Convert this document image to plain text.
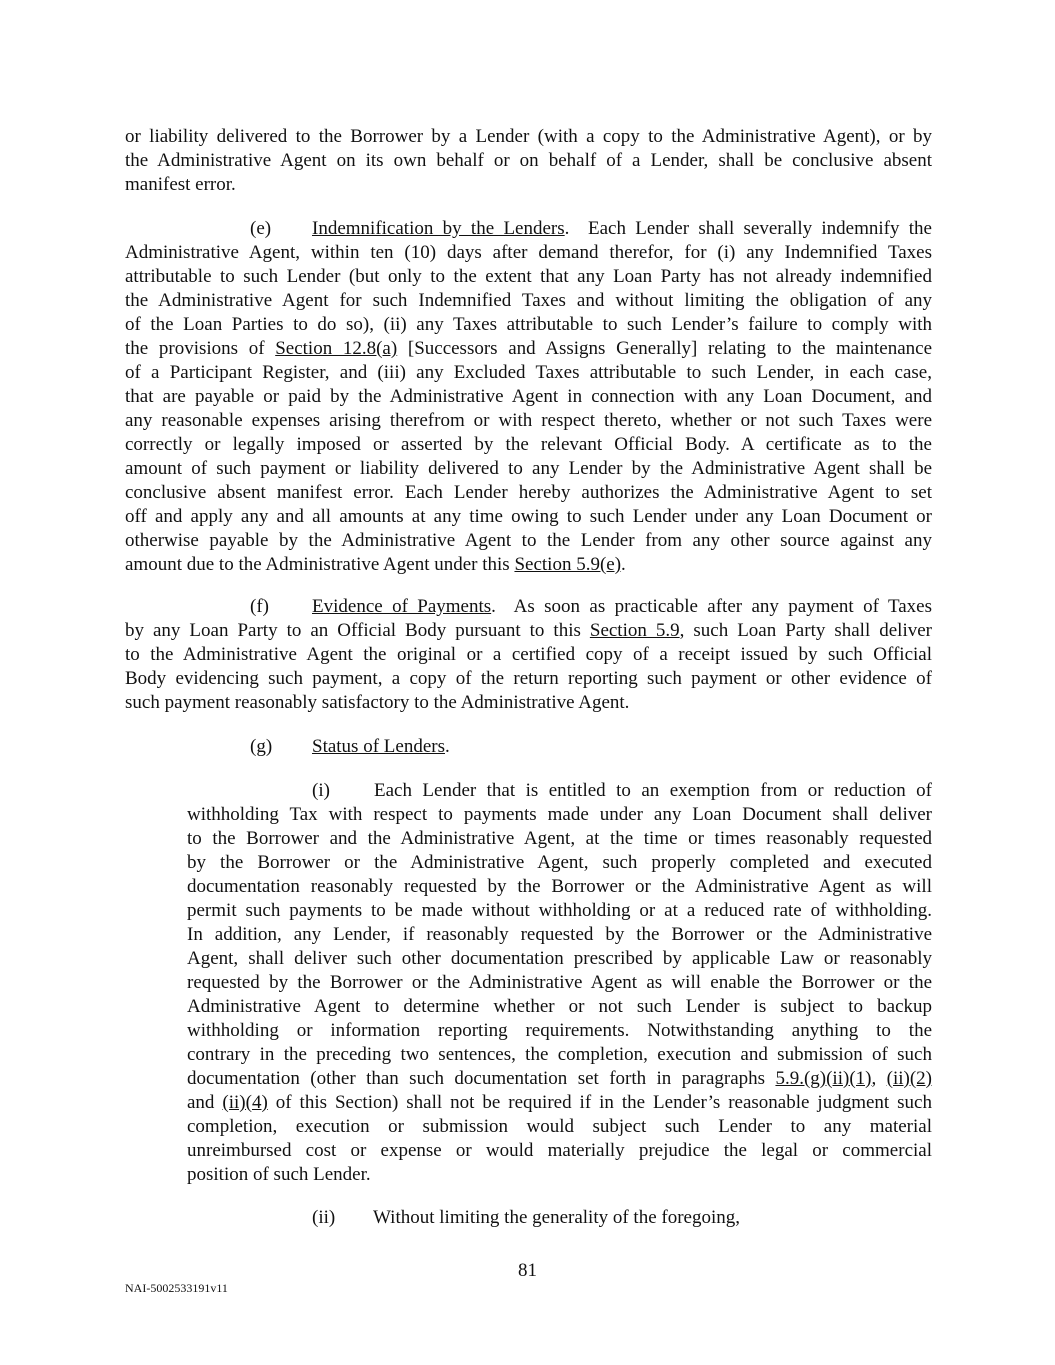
or liability delivered to the Borrower by a Lender (with a copy to the Administrative Agent), or by
the Administrative Agent on its own behalf or on behalf of a Lender, shall be conclusive absent
manifest error.
(e) Indemnification by the Lenders.  Each Lender shall severally indemnify the
Administrative Agent, within ten (10) days after demand therefor, for (i) any Indemnified Taxes
attributable to such Lender (but only to the extent that any Loan Party has not already indemnified
the Administrative Agent for such Indemnified Taxes and without limiting the obligation of any
of the Loan Parties to do so), (ii) any Taxes attributable to such Lender’s failure to comply with
the provisions of Section 12.8(a) [Successors and Assigns Generally] relating to the maintenance
of a Participant Register, and (iii) any Excluded Taxes attributable to such Lender, in each case,
that are payable or paid by the Administrative Agent in connection with any Loan Document, and
any reasonable expenses arising therefrom or with respect thereto, whether or not such Taxes were
correctly or legally imposed or asserted by the relevant Official Body. A certificate as to the
amount of such payment or liability delivered to any Lender by the Administrative Agent shall be
conclusive absent manifest error. Each Lender hereby authorizes the Administrative Agent to set
off and apply any and all amounts at any time owing to such Lender under any Loan Document or
otherwise payable by the Administrative Agent to the Lender from any other source against any
amount due to the Administrative Agent under this Section 5.9(e).
(f) Evidence of Payments.  As soon as practicable after any payment of Taxes
by any Loan Party to an Official Body pursuant to this Section 5.9, such Loan Party shall deliver
to the Administrative Agent the original or a certified copy of a receipt issued by such Official
Body evidencing such payment, a copy of the return reporting such payment or other evidence of
such payment reasonably satisfactory to the Administrative Agent.
(g) Status of Lenders.
(i) Each Lender that is entitled to an exemption from or reduction of
withholding Tax with respect to payments made under any Loan Document shall deliver
to the Borrower and the Administrative Agent, at the time or times reasonably requested
by the Borrower or the Administrative Agent, such properly completed and executed
documentation reasonably requested by the Borrower or the Administrative Agent as will
permit such payments to be made without withholding or at a reduced rate of withholding.
In addition, any Lender, if reasonably requested by the Borrower or the Administrative
Agent, shall deliver such other documentation prescribed by applicable Law or reasonably
requested by the Borrower or the Administrative Agent as will enable the Borrower or the
Administrative Agent to determine whether or not such Lender is subject to backup
withholding or information reporting requirements. Notwithstanding anything to the
contrary in the preceding two sentences, the completion, execution and submission of such
documentation (other than such documentation set forth in paragraphs 5.9.(g)(ii)(1), (ii)(2)
and (ii)(4) of this Section) shall not be required if in the Lender’s reasonable judgment such
completion, execution or submission would subject such Lender to any material
unreimbursed cost or expense or would materially prejudice the legal or commercial
position of such Lender.
(ii) Without limiting the generality of the foregoing,
81
NAI-5002533191v11
